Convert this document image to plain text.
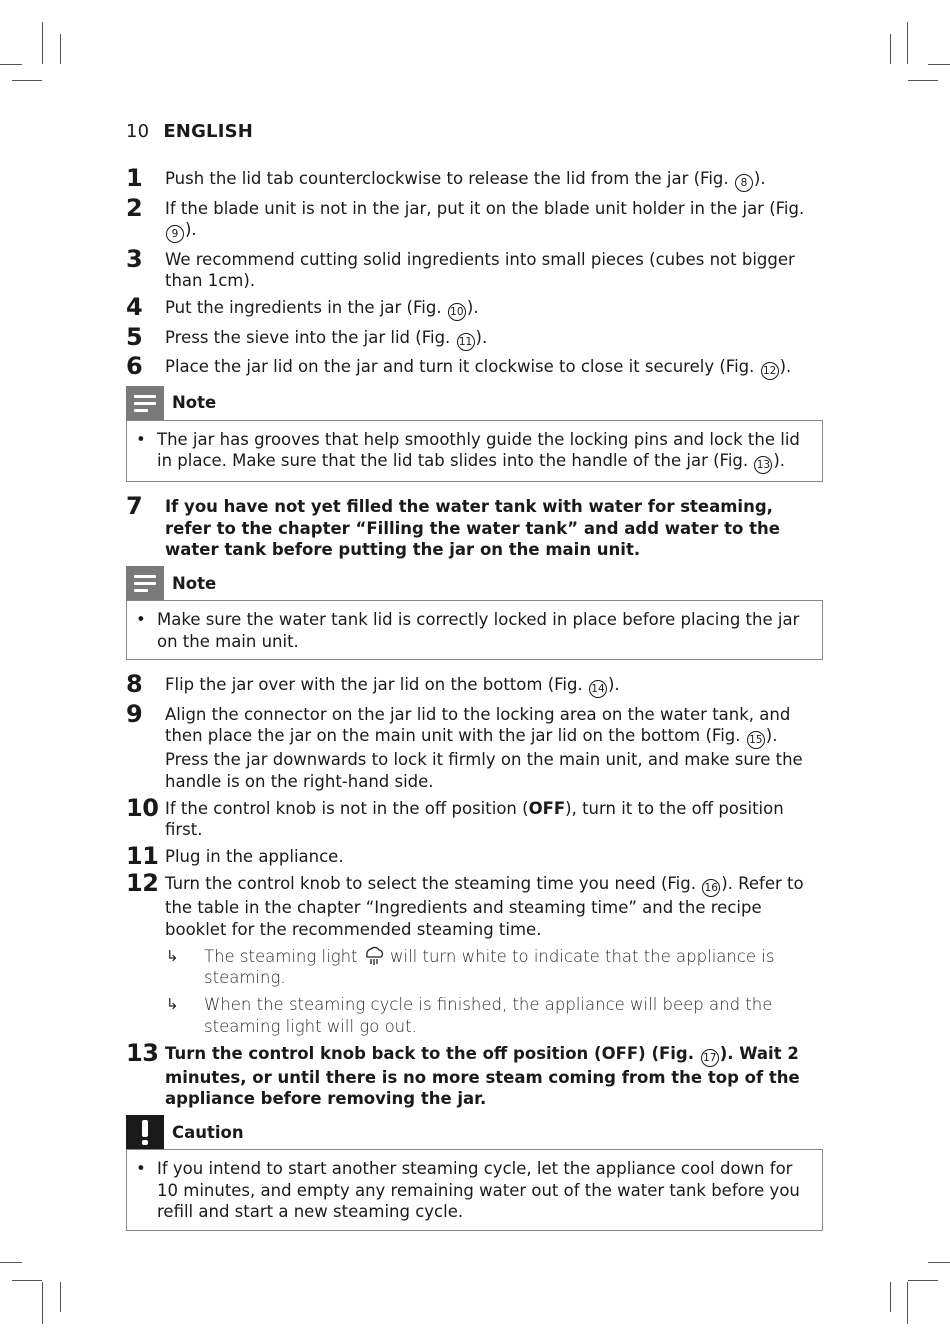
10 ENGLISH
1 Push the lid tab counterclockwise to release the lid from the jar (Fig. 8 ).
2 If the blade unit is not in the jar, put it on the blade unit holder in the jar (Fig. 9 ).
3 We recommend cutting solid ingredients into small pieces (cubes not bigger than 1cm).
4 Put the ingredients in the jar (Fig. 10 ).
5 Press the sieve into the jar lid (Fig. 11 ).
6 Place the jar lid on the jar and turn it clockwise to close it securely (Fig. 12 ).
Note
• The jar has grooves that help smoothly guide the locking pins and lock the lid in place. Make sure that the lid tab slides into the handle of the jar (Fig. 13 ).
7 If you have not yet filled the water tank with water for steaming, refer to the chapter “Filling the water tank” and add water to the water tank before putting the jar on the main unit.
Note
• Make sure the water tank lid is correctly locked in place before placing the jar on the main unit.
8 Flip the jar over with the jar lid on the bottom (Fig. 14 ).
9 Align the connector on the jar lid to the locking area on the water tank, and then place the jar on the main unit with the jar lid on the bottom (Fig. 15 ). Press the jar downwards to lock it firmly on the main unit, and make sure the handle is on the right-hand side.
10 If the control knob is not in the off position (OFF), turn it to the off position first.
11 Plug in the appliance.
12 Turn the control knob to select the steaming time you need (Fig. 16 ). Refer to the table in the chapter “Ingredients and steaming time” and the recipe booklet for the recommended steaming time.
↳ The steaming light  will turn white to indicate that the appliance is steaming.
↳ When the steaming cycle is finished, the appliance will beep and the steaming light will go out.
13 Turn the control knob back to the off position (OFF) (Fig. 17 ). Wait 2 minutes, or until there is no more steam coming from the top of the appliance before removing the jar.
Caution
• If you intend to start another steaming cycle, let the appliance cool down for 10 minutes, and empty any remaining water out of the water tank before you refill and start a new steaming cycle.
